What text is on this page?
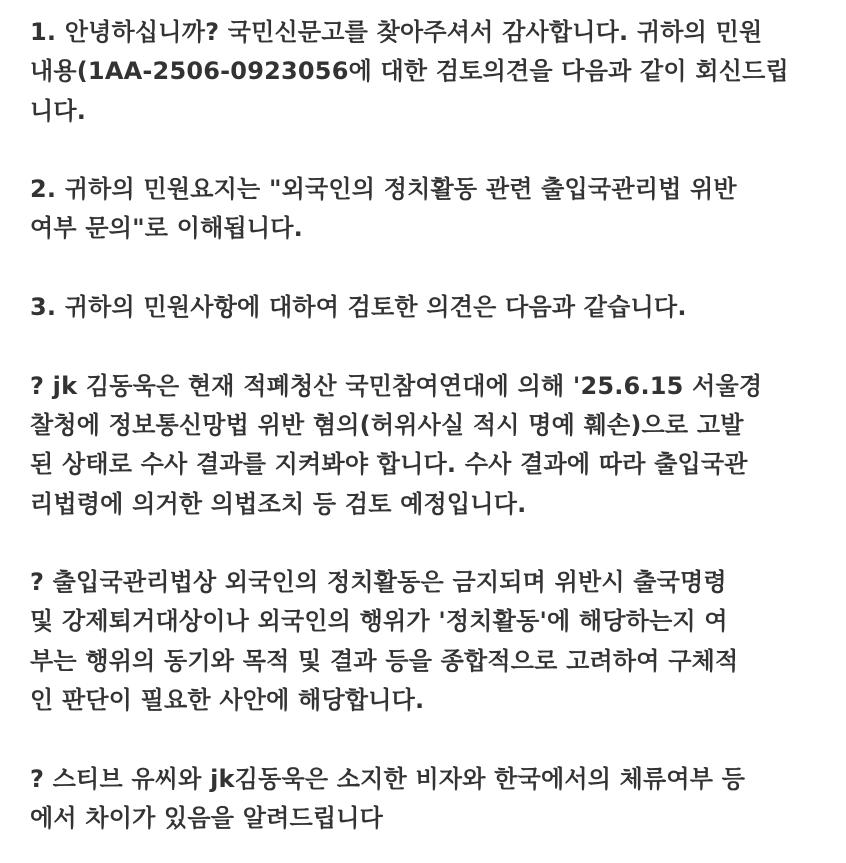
1. 안녕하십니까? 국민신문고를 찾아주셔서 감사합니다. 귀하의 민원
내용(1AA-2506-0923056에 대한 검토의견을 다음과 같이 회신드립
니다.

2. 귀하의 민원요지는 "외국인의 정치활동 관련 출입국관리법 위반
여부 문의"로 이해됩니다.

3. 귀하의 민원사항에 대하여 검토한 의견은 다음과 같습니다.

? jk 김동욱은 현재 적폐청산 국민참여연대에 의해 '25.6.15 서울경
찰청에 정보통신망법 위반 혐의(허위사실 적시 명예 훼손)으로 고발
된 상태로 수사 결과를 지켜봐야 합니다. 수사 결과에 따라 출입국관
리법령에 의거한 의법조치 등 검토 예정입니다.

? 출입국관리법상 외국인의 정치활동은 금지되며 위반시 출국명령
및 강제퇴거대상이나 외국인의 행위가 '정치활동'에 해당하는지 여
부는 행위의 동기와 목적 및 결과 등을 종합적으로 고려하여 구체적
인 판단이 필요한 사안에 해당합니다.

? 스티브 유씨와 jk김동욱은 소지한 비자와 한국에서의 체류여부 등
에서 차이가 있음을 알려드립니다
